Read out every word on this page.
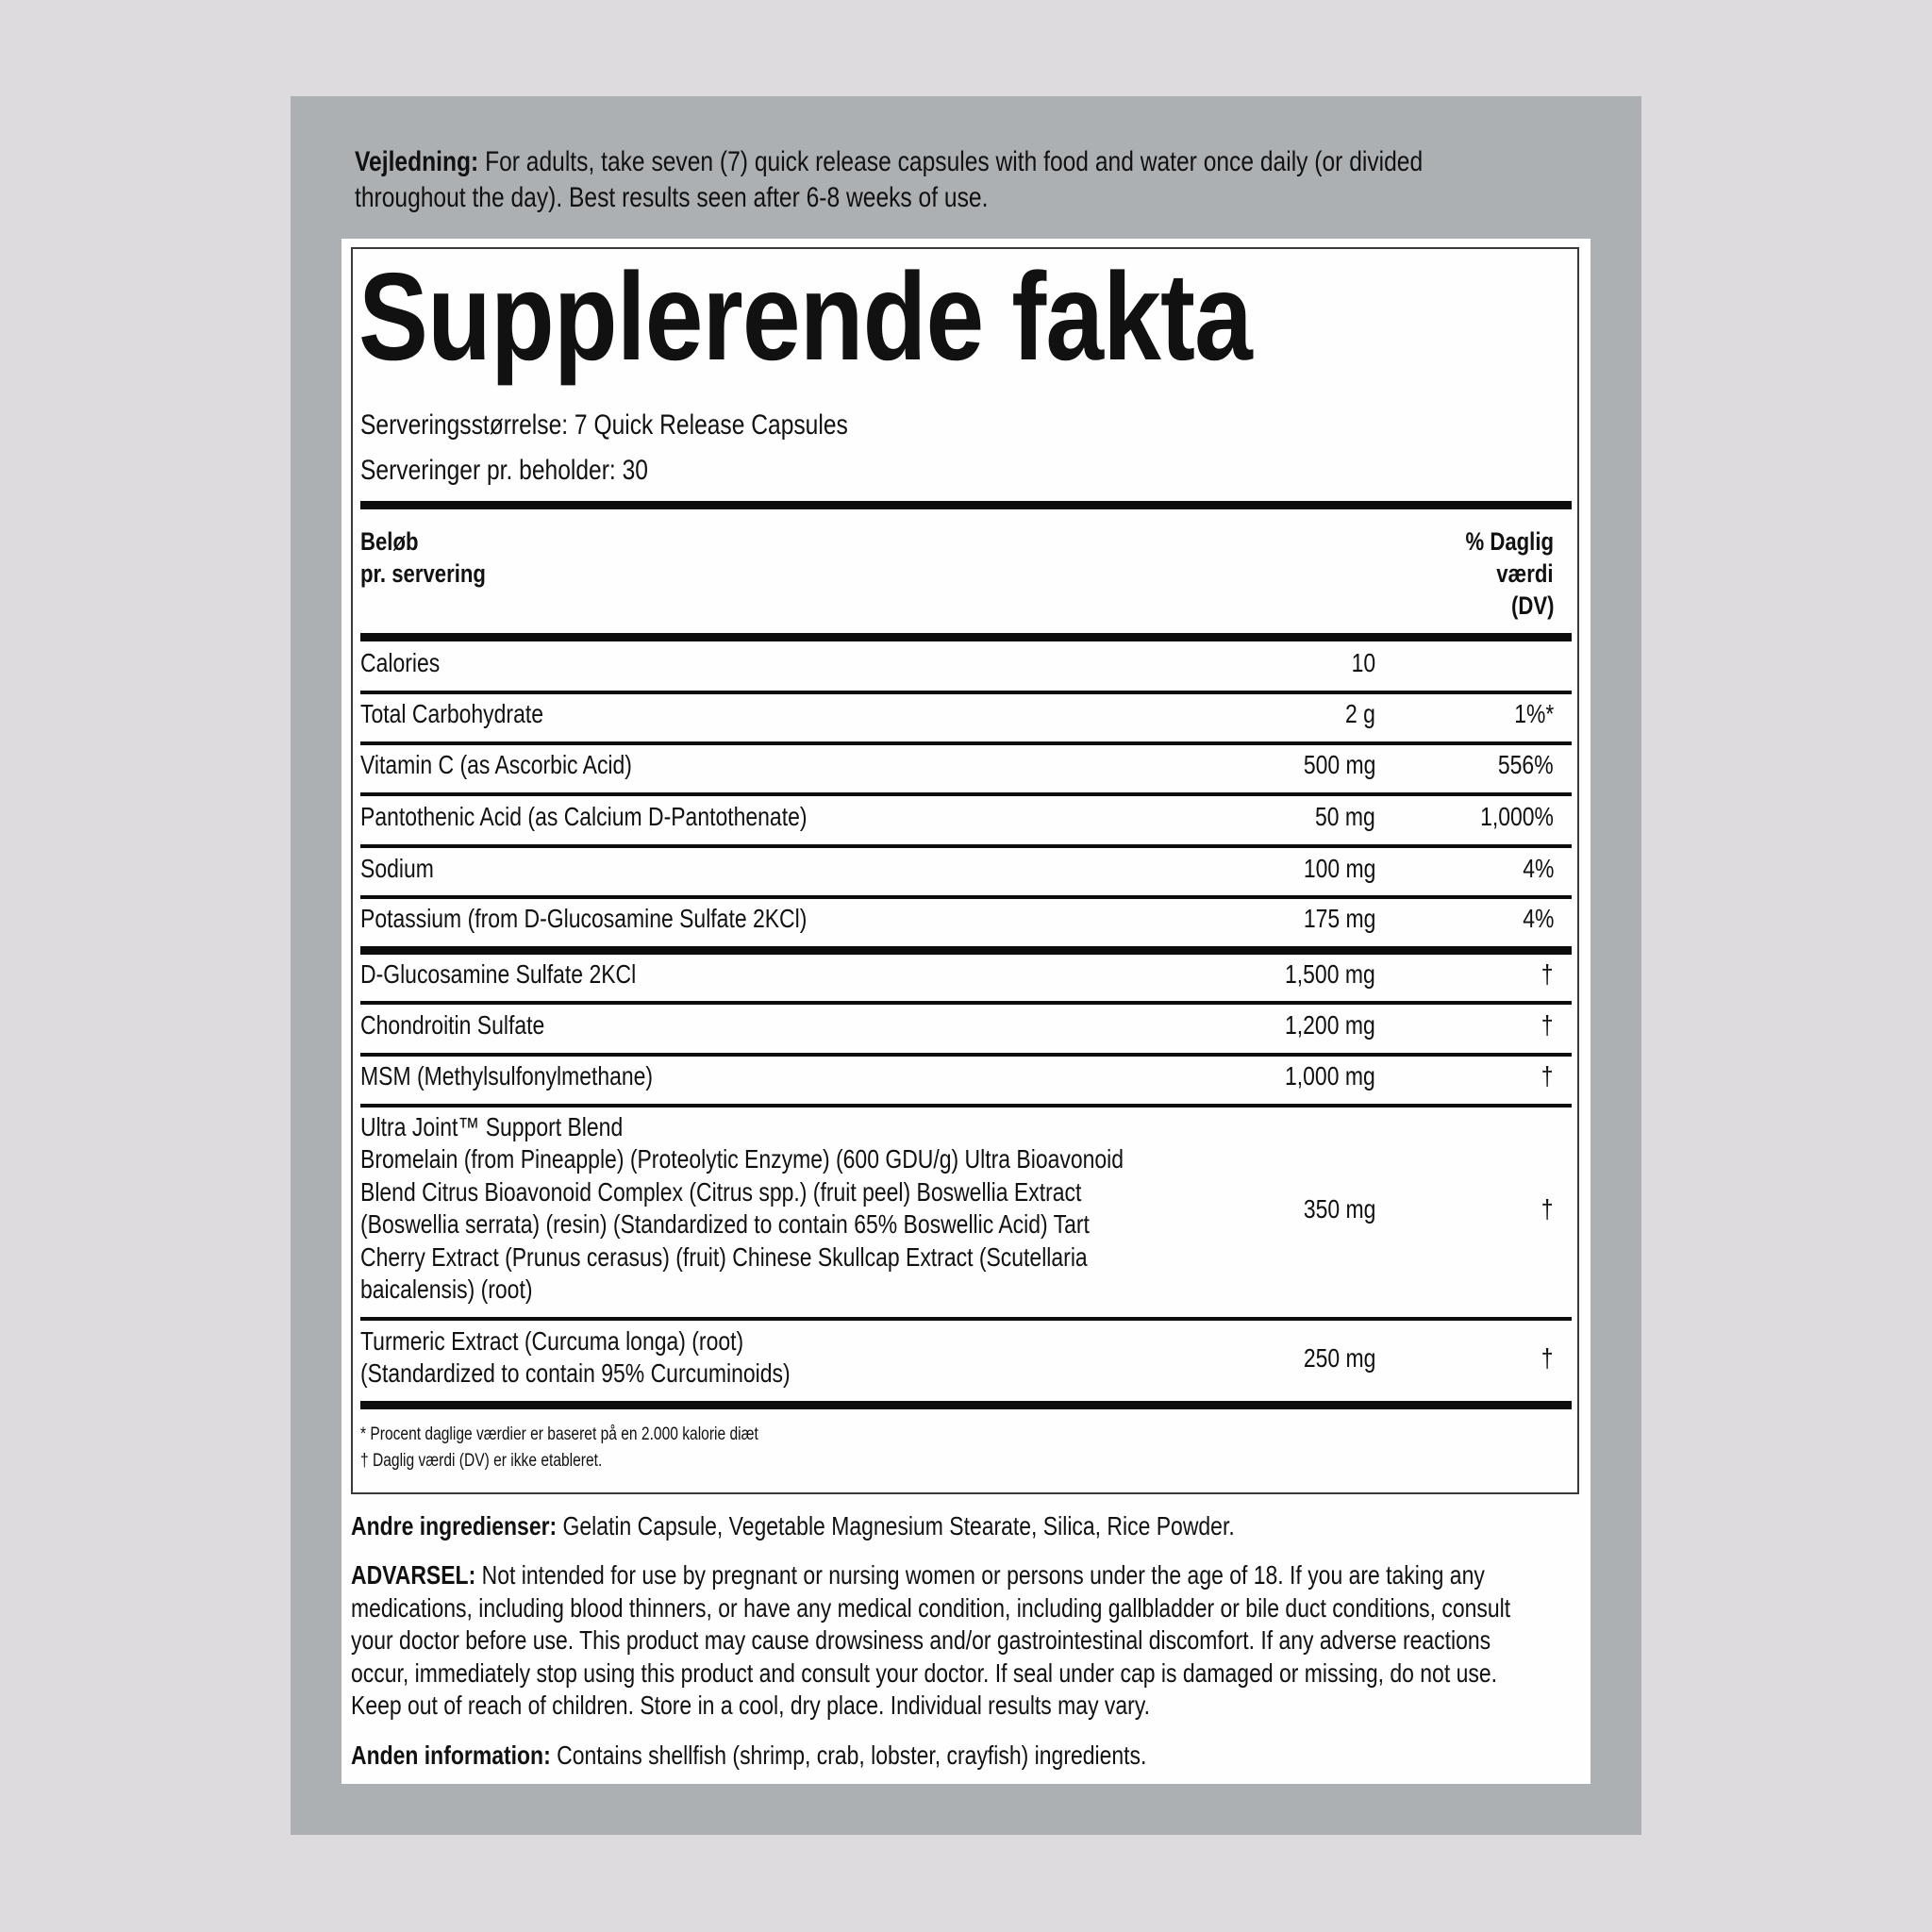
Vejledning: For adults, take seven (7) quick release capsules with food and water once daily (or divided
throughout the day). Best results seen after 6-8 weeks of use.
Supplerende fakta
Serveringsstørrelse: 7 Quick Release Capsules
Serveringer pr. beholder: 30
Beløb
pr. servering
% Daglig
værdi
(DV)
Calories	10
Total Carbohydrate	2 g	1%*
Vitamin C (as Ascorbic Acid)	500 mg	556%
Pantothenic Acid (as Calcium D-Pantothenate)	50 mg	1,000%
Sodium	100 mg	4%
Potassium (from D-Glucosamine Sulfate 2KCl)	175 mg	4%
D-Glucosamine Sulfate 2KCl	1,500 mg	†
Chondroitin Sulfate	1,200 mg	†
MSM (Methylsulfonylmethane)	1,000 mg	†
Ultra Joint™ Support Blend
Bromelain (from Pineapple) (Proteolytic Enzyme) (600 GDU/g) Ultra Bioavonoid
Blend Citrus Bioavonoid Complex (Citrus spp.) (fruit peel) Boswellia Extract
(Boswellia serrata) (resin) (Standardized to contain 65% Boswellic Acid) Tart
Cherry Extract (Prunus cerasus) (fruit) Chinese Skullcap Extract (Scutellaria
baicalensis) (root)
350 mg	†
Turmeric Extract (Curcuma longa) (root)
(Standardized to contain 95% Curcuminoids)
250 mg	†
* Procent daglige værdier er baseret på en 2.000 kalorie diæt
† Daglig værdi (DV) er ikke etableret.
Andre ingredienser: Gelatin Capsule, Vegetable Magnesium Stearate, Silica, Rice Powder.
ADVARSEL: Not intended for use by pregnant or nursing women or persons under the age of 18. If you are taking any
medications, including blood thinners, or have any medical condition, including gallbladder or bile duct conditions, consult
your doctor before use. This product may cause drowsiness and/or gastrointestinal discomfort. If any adverse reactions
occur, immediately stop using this product and consult your doctor. If seal under cap is damaged or missing, do not use.
Keep out of reach of children. Store in a cool, dry place. Individual results may vary.
Anden information: Contains shellfish (shrimp, crab, lobster, crayfish) ingredients.
